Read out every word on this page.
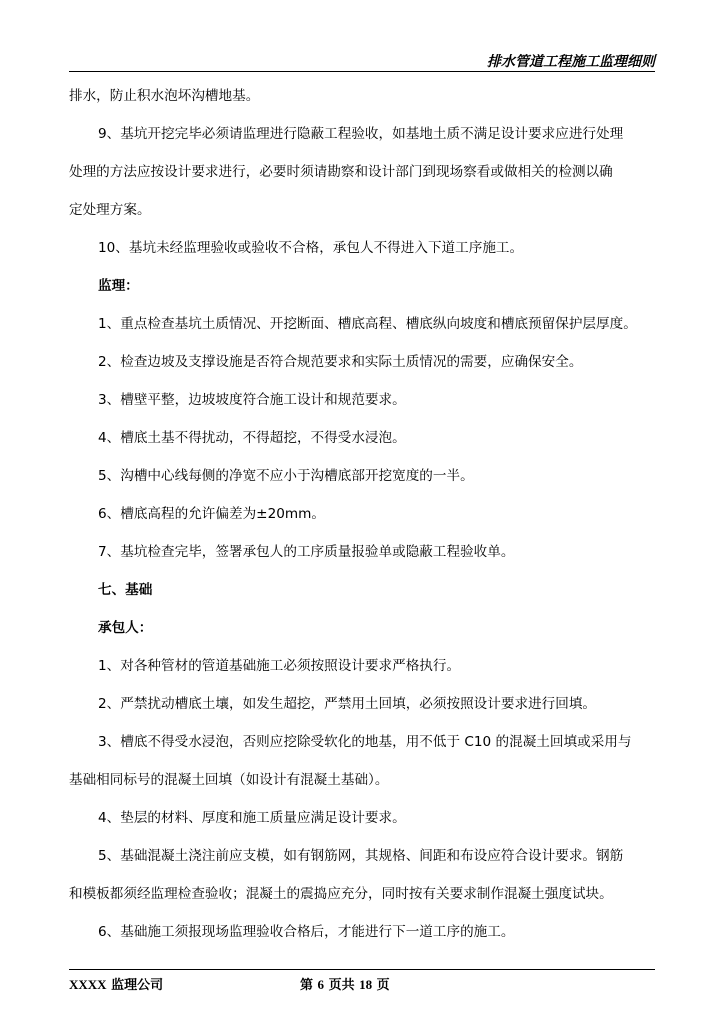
排水管道工程施工监理细则
排水，防止积水泡坏沟槽地基。
9、基坑开挖完毕必须请监理进行隐蔽工程验收，如基地土质不满足设计要求应进行处理
处理的方法应按设计要求进行，必要时须请勘察和设计部门到现场察看或做相关的检测以确
定处理方案。
10、基坑未经监理验收或验收不合格，承包人不得进入下道工序施工。
监理：
1、重点检查基坑土质情况、开挖断面、槽底高程、槽底纵向坡度和槽底预留保护层厚度。
2、检查边坡及支撑设施是否符合规范要求和实际土质情况的需要，应确保安全。
3、槽壁平整，边坡坡度符合施工设计和规范要求。
4、槽底土基不得扰动，不得超挖，不得受水浸泡。
5、沟槽中心线每侧的净宽不应小于沟槽底部开挖宽度的一半。
6、槽底高程的允许偏差为±20mm。
7、基坑检查完毕，签署承包人的工序质量报验单或隐蔽工程验收单。
七、基础
承包人：
1、对各种管材的管道基础施工必须按照设计要求严格执行。
2、严禁扰动槽底土壤，如发生超挖，严禁用土回填，必须按照设计要求进行回填。
3、槽底不得受水浸泡，否则应挖除受软化的地基，用不低于 C10 的混凝土回填或采用与
基础相同标号的混凝土回填（如设计有混凝土基础）。
4、垫层的材料、厚度和施工质量应满足设计要求。
5、基础混凝土浇注前应支模，如有钢筋网，其规格、间距和布设应符合设计要求。钢筋
和模板都须经监理检查验收；混凝土的震捣应充分，同时按有关要求制作混凝土强度试块。
6、基础施工须报现场监理验收合格后，才能进行下一道工序的施工。
XXXX 监理公司	第 6 页共 18 页
